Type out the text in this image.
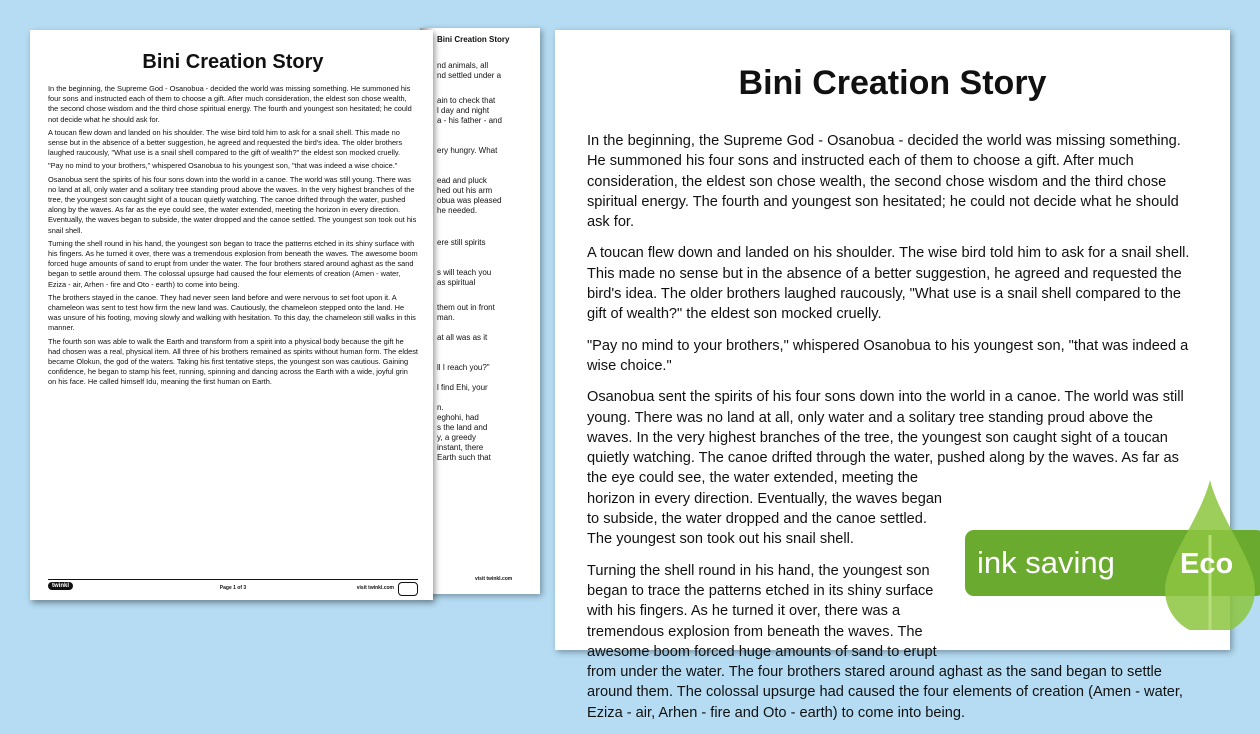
Bini Creation Story
nd animals, all
nd settled under a
ain to check that
l day and night
a - his father - and
ery hungry. What
ead and pluck
hed out his arm
obua was pleased
he needed.
ere still spirits
s will teach you
as spiritual
them out in front
man.
at all was as it
ll I reach you?"
l find Ehi, your
n.
eghohi, had
s the land and
y, a greedy
instant, there
Earth such that
visit twinkl.com
Bini Creation Story

In the beginning, the Supreme God - Osanobua - decided the world was missing something. He summoned his four sons and instructed each of them to choose a gift. After much consideration, the eldest son chose wealth, the second chose wisdom and the third chose spiritual energy. The fourth and youngest son hesitated; he could not decide what he should ask for.

A toucan flew down and landed on his shoulder. The wise bird told him to ask for a snail shell. This made no sense but in the absence of a better suggestion, he agreed and requested the bird's idea. The older brothers laughed raucously, "What use is a snail shell compared to the gift of wealth?" the eldest son mocked cruelly.

"Pay no mind to your brothers," whispered Osanobua to his youngest son, "that was indeed a wise choice."

Osanobua sent the spirits of his four sons down into the world in a canoe. The world was still young. There was no land at all, only water and a solitary tree standing proud above the waves. In the very highest branches of the tree, the youngest son caught sight of a toucan quietly watching. The canoe drifted through the water, pushed along by the waves. As far as the eye could see, the water extended, meeting the horizon in every direction. Eventually, the waves began to subside, the water dropped and the canoe settled. The youngest son took out his snail shell.

Turning the shell round in his hand, the youngest son began to trace the patterns etched in its shiny surface with his fingers. As he turned it over, there was a tremendous explosion from beneath the waves. The awesome boom forced huge amounts of sand to erupt from under the water. The four brothers stared around aghast as the sand began to settle around them. The colossal upsurge had caused the four elements of creation (Amen - water, Eziza - air, Arhen - fire and Oto - earth) to come into being.

The brothers stayed in the canoe. They had never seen land before and were nervous to set foot upon it. A chameleon was sent to test how firm the new land was. Cautiously, the chameleon stepped onto the land. He was unsure of his footing, moving slowly and walking with hesitation. To this day, the chameleon still walks in this manner.

The fourth son was able to walk the Earth and transform from a spirit into a physical body because the gift he had chosen was a real, physical item. All three of his brothers remained as spirits without human form. The eldest became Olokun, the god of the waters. Taking his first tentative steps, the youngest son was cautious. Gaining confidence, he began to stamp his feet, running, spinning and dancing across the Earth with a wide, joyful grin on his face. He called himself Idu, meaning the first human on Earth.

twinkl	Page 1 of 3	visit twinkl.com
Bini Creation Story

In the beginning, the Supreme God - Osanobua - decided the world was missing something. He summoned his four sons and instructed each of them to choose a gift. After much consideration, the eldest son chose wealth, the second chose wisdom and the third chose spiritual energy. The fourth and youngest son hesitated; he could not decide what he should ask for.

A toucan flew down and landed on his shoulder. The wise bird told him to ask for a snail shell. This made no sense but in the absence of a better suggestion, he agreed and requested the bird's idea. The older brothers laughed raucously, "What use is a snail shell compared to the gift of wealth?" the eldest son mocked cruelly.

"Pay no mind to your brothers," whispered Osanobua to his youngest son, "that was indeed a wise choice."

Osanobua sent the spirits of his four sons down into the world in a canoe. The world was still young. There was no land at all, only water and a solitary tree standing proud above the waves. In the very highest branches of the tree, the youngest son caught sight of a toucan quietly watching. The canoe drifted through the water, pushed along by the waves. As far as the eye could see, the water extended, meeting the horizon in every direction. Eventually, the waves began to subside, the water dropped and the canoe settled. The youngest son took out his snail shell.

Turning the shell round in his hand, the youngest son began to trace the patterns etched in its shiny surface with his fingers. As he turned it over, there was a tremendous explosion from beneath the waves. The awesome boom forced huge amounts of sand to erupt from under the water. The four brothers stared around aghast as the sand began to settle around them. The colossal upsurge had caused the four elements of creation (Amen - water, Eziza - air, Arhen - fire and Oto - earth) to come into being.

ink saving Eco
